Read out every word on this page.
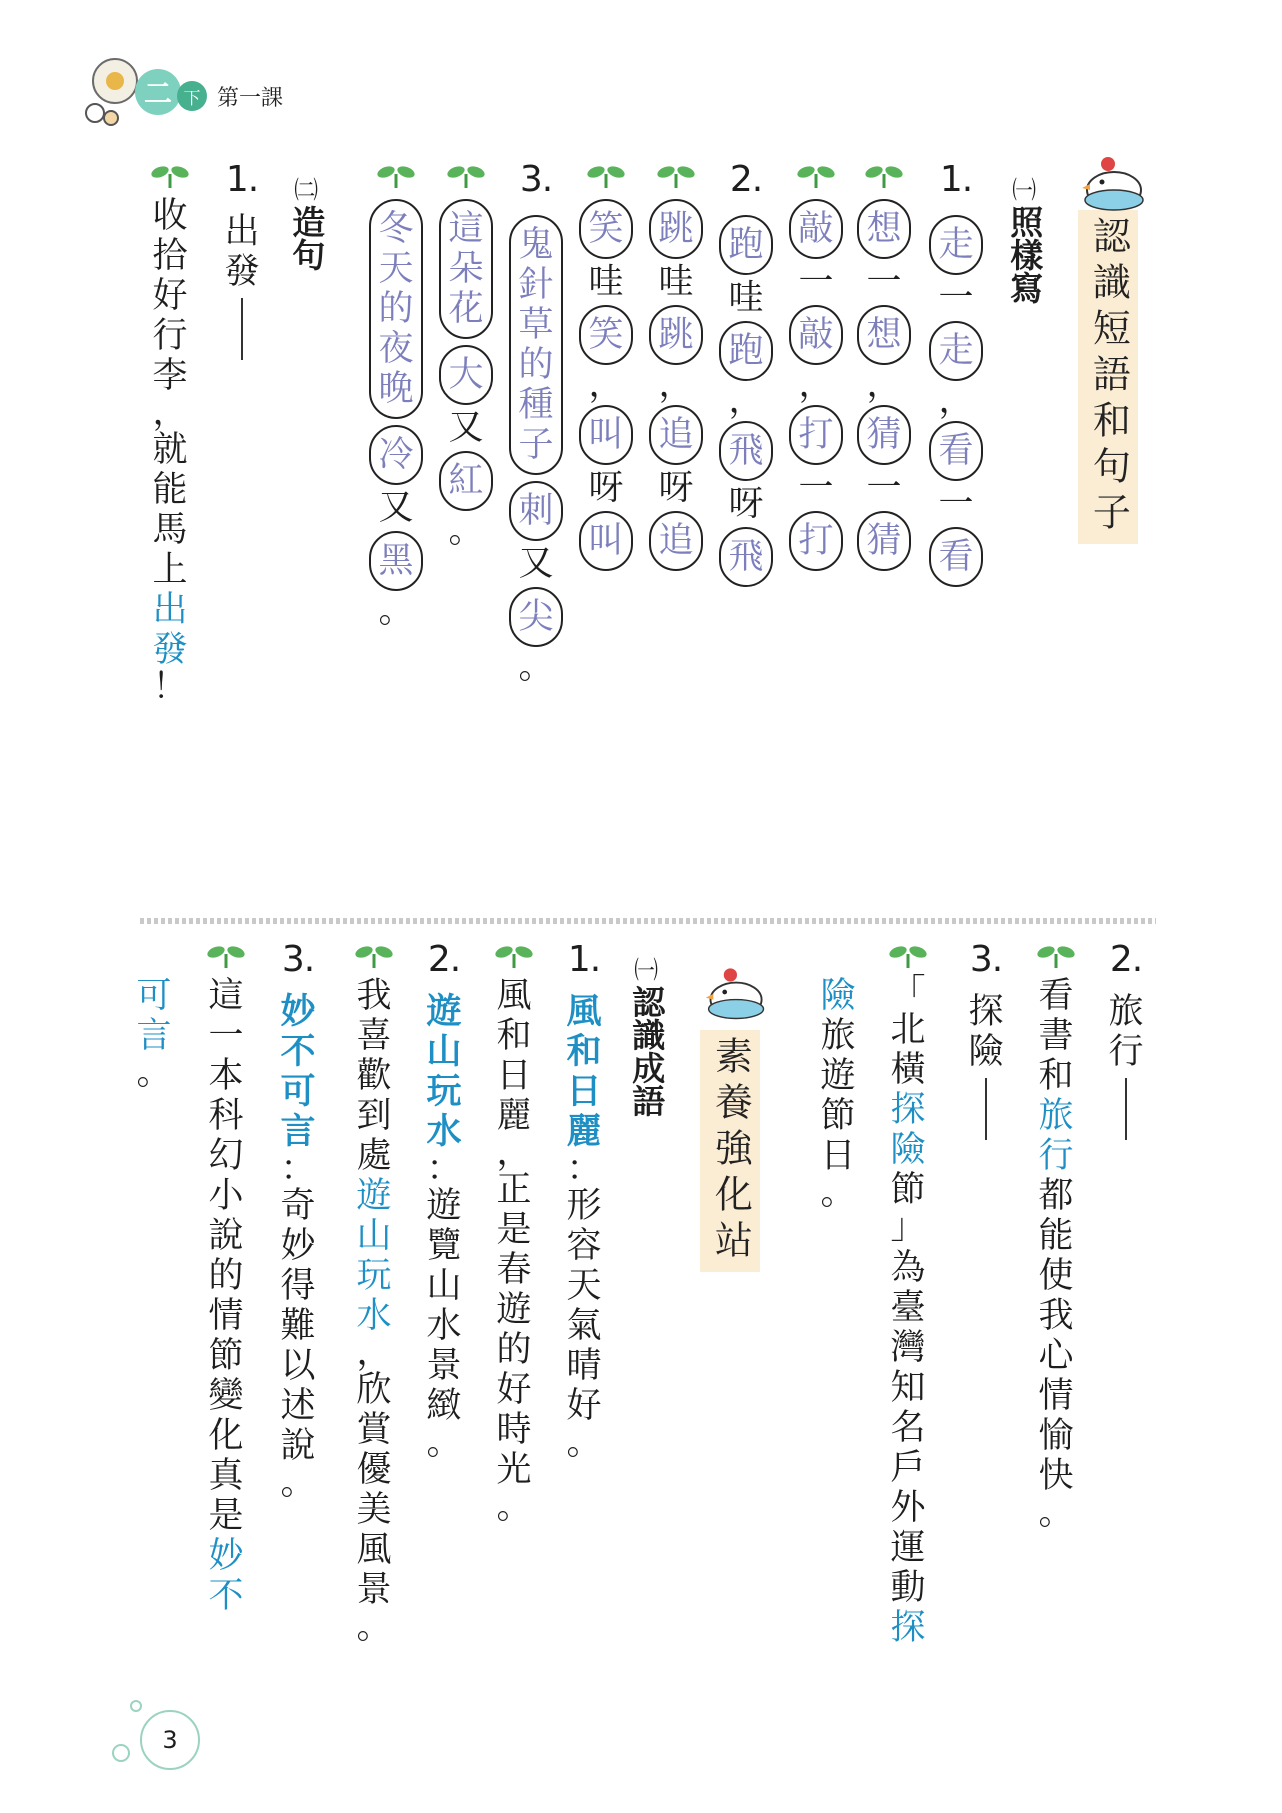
二 下 第一課
認識短語和句子
㈠
照樣寫
㈡
造句
1.
走
一
走
，
看
一
看
想
一
想
，
猜
一
猜
敲
一
敲
，
打
一
打
2.
跑
哇
跑
，
飛
呀
飛
跳
哇
跳
，
追
呀
追
笑
哇
笑
，
叫
呀
叫
3.
鬼
針
草
的
種
子
刺
又
尖
。
這
朵
花
大
又
紅
。
冬
天
的
夜
晚
冷
又
黑
。
1.
出
發
收
拾
好
行
李
，
就
能
馬
上
出
發
！
2.
旅
行
看
書
和
旅
行
都
能
使
我
心
情
愉
快
。
3.
探
險
「
北
橫
探
險
節
」
為
臺
灣
知
名
戶
外
運
動
探
險
旅
遊
節
日
。
素養強化站
㈠
認識成語
1.
風
和
日
麗
：
形
容
天
氣
晴
好
。
風
和
日
麗
，
正
是
春
遊
的
好
時
光
。
2.
遊
山
玩
水
：
遊
覽
山
水
景
緻
。
我
喜
歡
到
處
遊
山
玩
水
，
欣
賞
優
美
風
景
。
3.
妙
不
可
言
：
奇
妙
得
難
以
述
說
。
這
一
本
科
幻
小
說
的
情
節
變
化
真
是
妙
不
可
言
。
3
